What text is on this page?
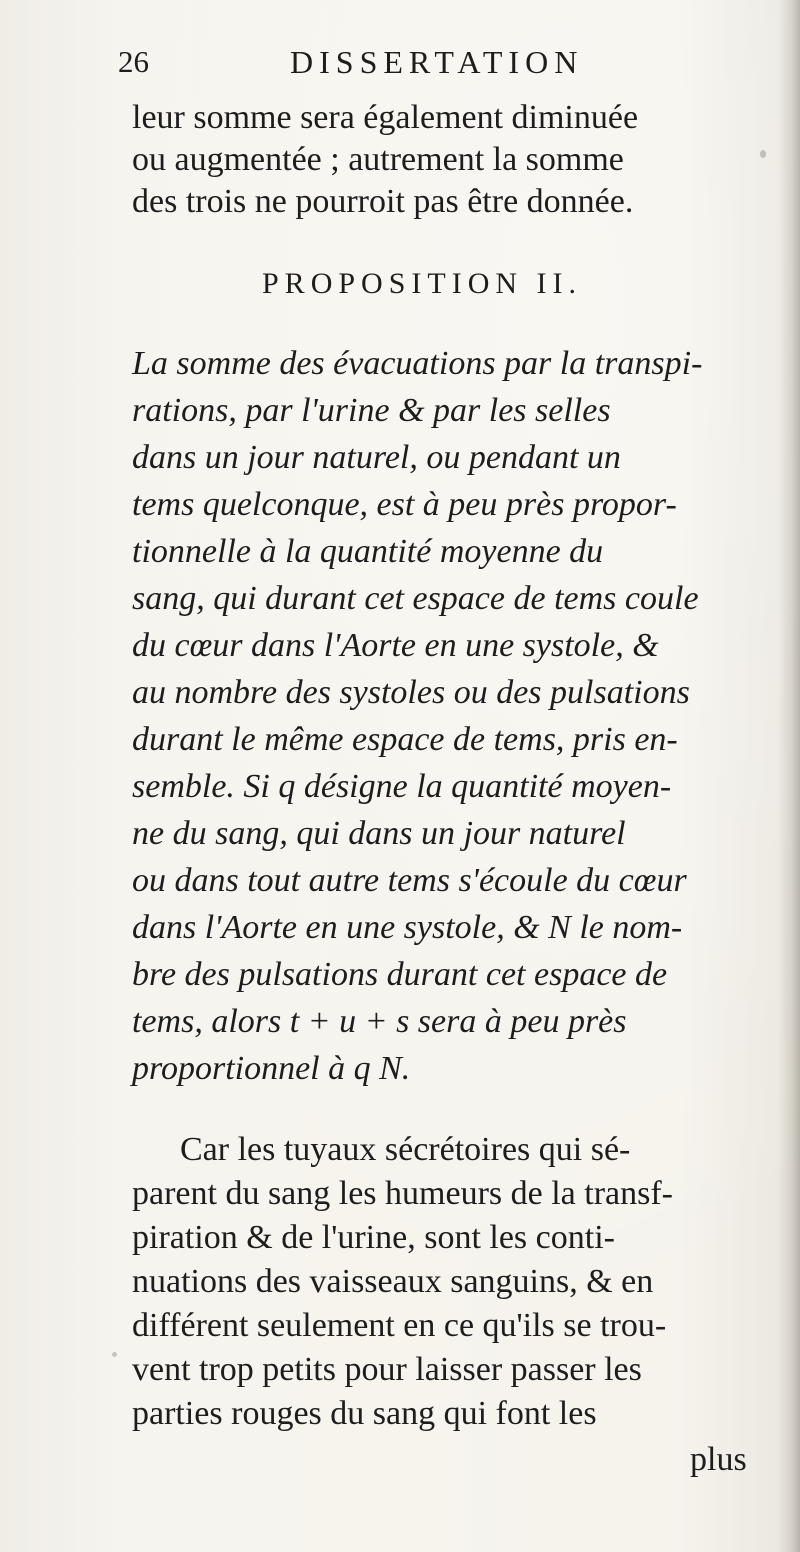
26	DISSERTATION
leur somme sera également diminuée
ou augmentée ; autrement la somme
des trois ne pourroit pas être donnée.
PROPOSITION II.
La somme des évacuations par la transpi-
rations, par l'urine & par les selles
dans un jour naturel, ou pendant un
tems quelconque, est à peu près propor-
tionnelle à la quantité moyenne du
sang, qui durant cet espace de tems coule
du cœur dans l'Aorte en une systole, &
au nombre des systoles ou des pulsations
durant le même espace de tems, pris en-
semble. Si q désigne la quantité moyen-
ne du sang, qui dans un jour naturel
ou dans tout autre tems s'écoule du cœur
dans l'Aorte en une systole, & N le nom-
bre des pulsations durant cet espace de
tems, alors t + u + s sera à peu près
proportionnel à q N.
Car les tuyaux sécrétoires qui sé-
parent du sang les humeurs de la transf-
piration & de l'urine, sont les conti-
nuations des vaisseaux sanguins, & en
différent seulement en ce qu'ils se trou-
vent trop petits pour laisser passer les
parties rouges du sang qui font les
plus
